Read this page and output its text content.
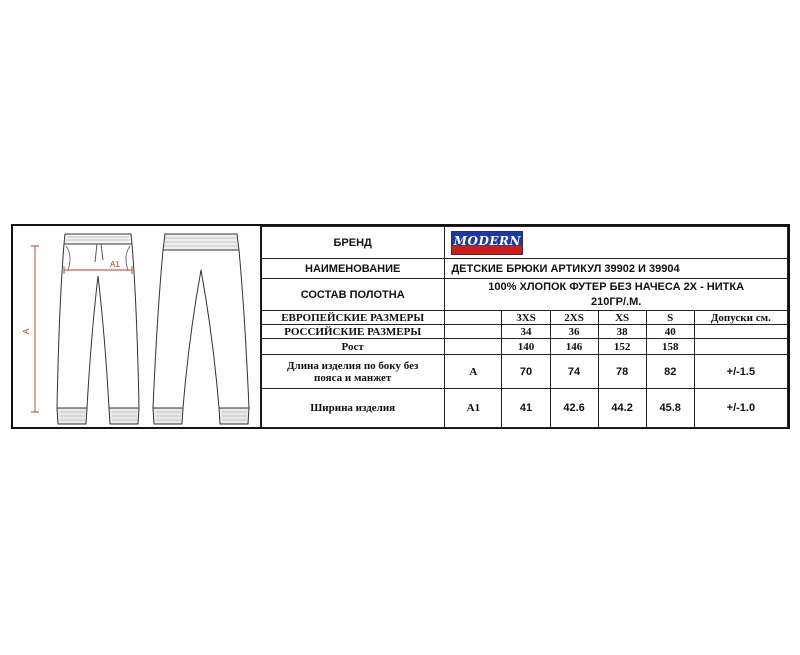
A1
A
БРЕНД	MODERN					

НАИМЕНОВАНИЕ	ДЕТСКИЕ БРЮКИ АРТИКУЛ 39902 И 39904					
СОСТАВ ПОЛОТНА	100% ХЛОПОК ФУТЕР БЕЗ НАЧЕСА 2Х - НИТКА
210ГР/.М.					

ЕВРОПЕЙСКИЕ РАЗМЕРЫ		3XS	2XS	XS	S	Допуски см.
РОССИЙСКИЕ РАЗМЕРЫ		34	36	38	40	
Рост		140	146	152	158	

Длина изделия по боку без
пояса и манжет	A	70	74	78	82	+/-1.5
Ширина изделия	A1	41	42.6	44.2	45.8	+/-1.0
